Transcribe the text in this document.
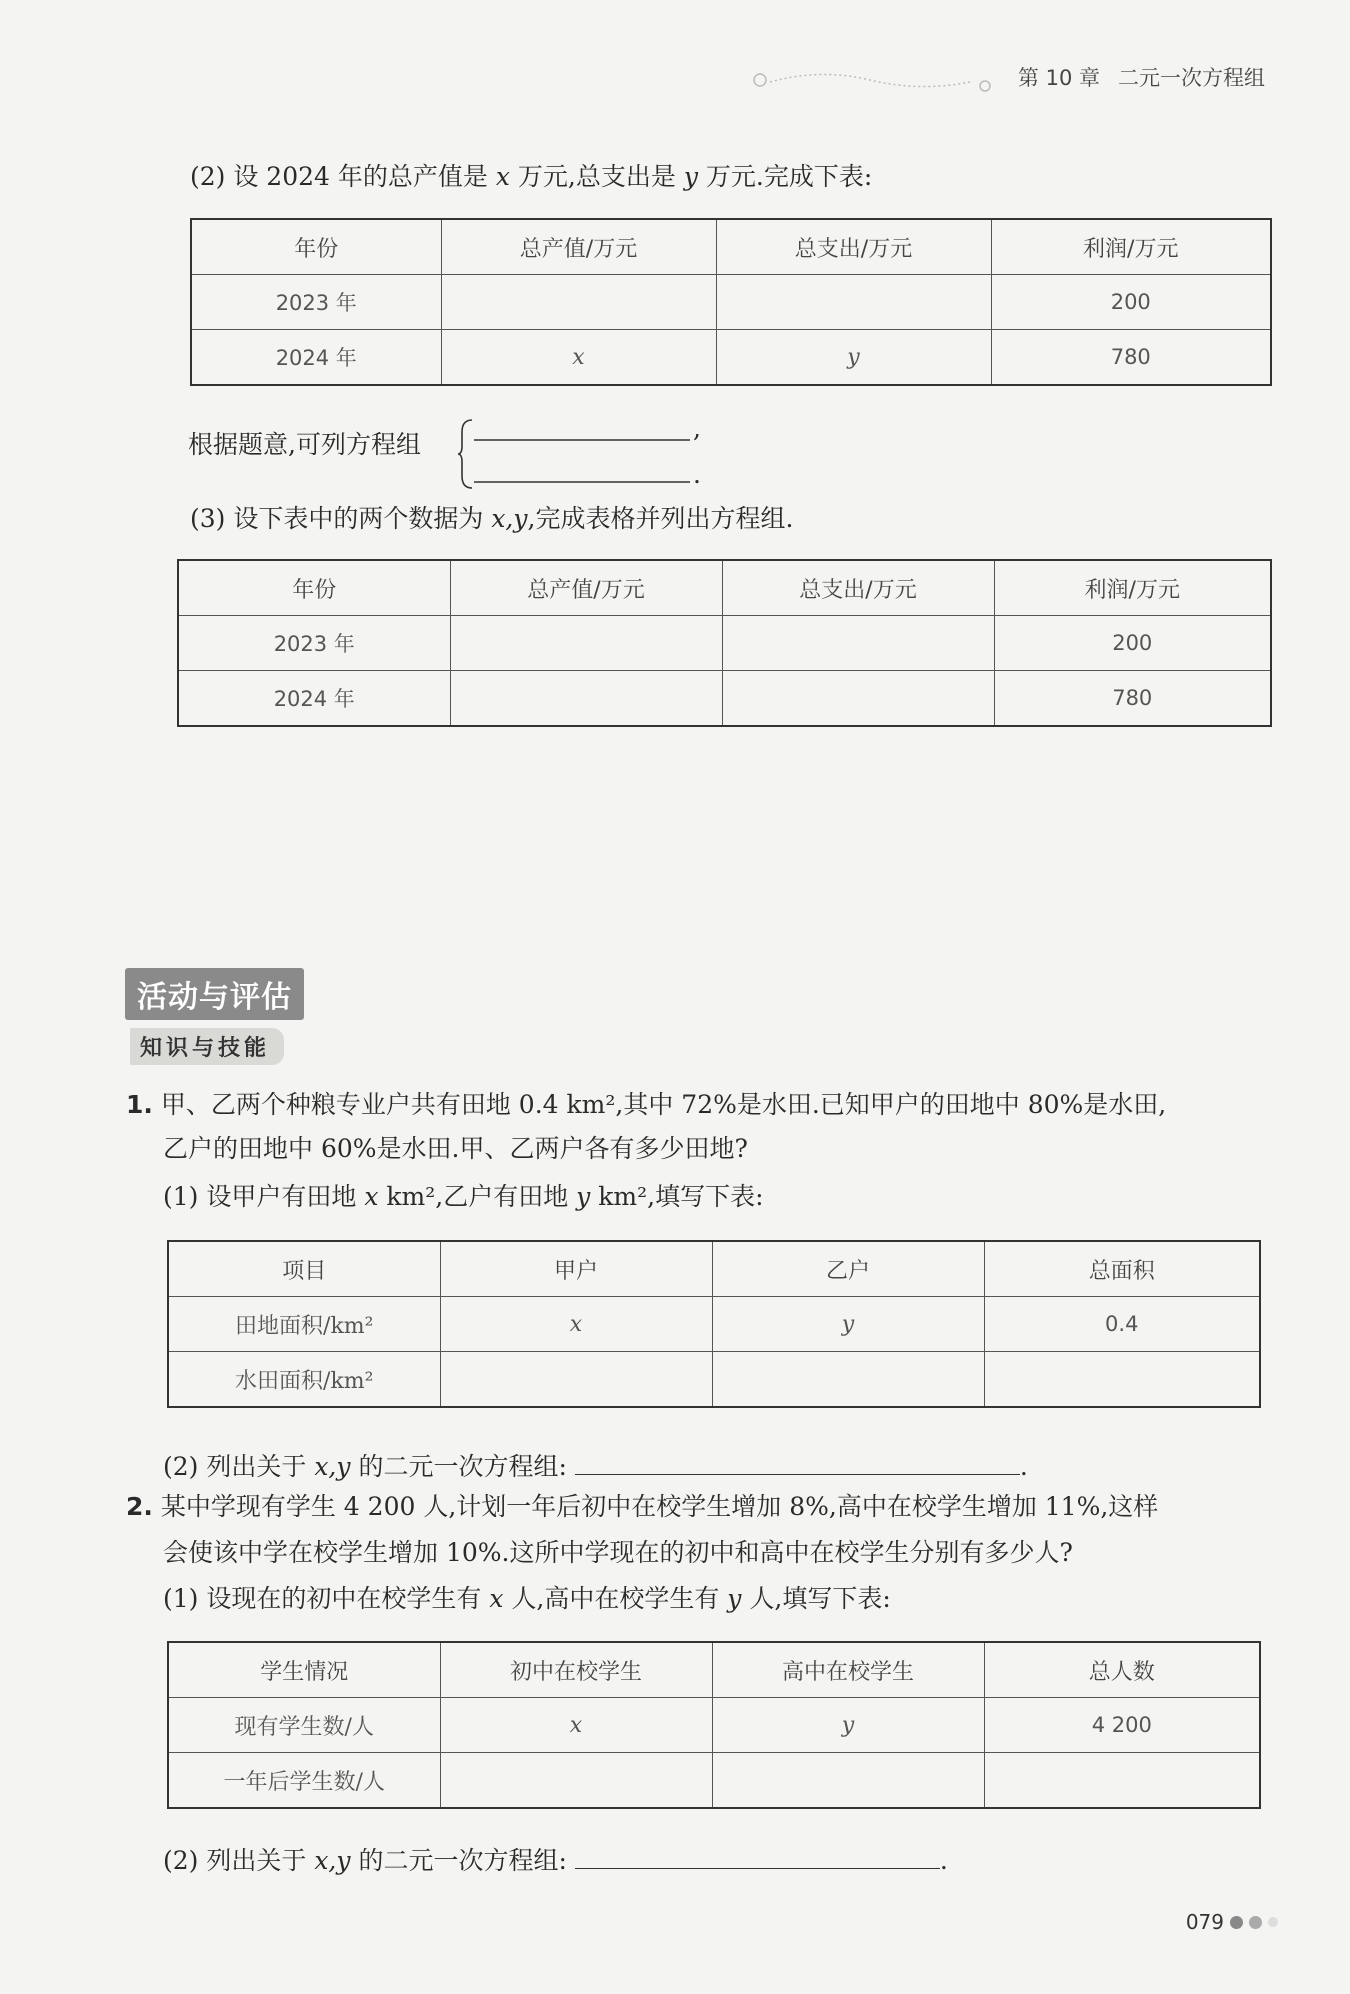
第 10 章 二元一次方程组
(2) 设 2024 年的总产值是 x 万元,总支出是 y 万元.完成下表:
年份	总产值/万元	总支出/万元	利润/万元
2023 年			200
2024 年	x	y	780
根据题意,可列方程组
,
.
(3) 设下表中的两个数据为 x,y,完成表格并列出方程组.
年份	总产值/万元	总支出/万元	利润/万元
2023 年			200
2024 年			780
活动与评估
知识与技能
1. 甲、乙两个种粮专业户共有田地 0.4 km²,其中 72%是水田.已知甲户的田地中 80%是水田,
乙户的田地中 60%是水田.甲、乙两户各有多少田地?
(1) 设甲户有田地 x km²,乙户有田地 y km²,填写下表:
项目	甲户	乙户	总面积
田地面积/km²	x	y	0.4
水田面积/km²			
(2) 列出关于 x,y 的二元一次方程组:	.
2. 某中学现有学生 4 200 人,计划一年后初中在校学生增加 8%,高中在校学生增加 11%,这样
会使该中学在校学生增加 10%.这所中学现在的初中和高中在校学生分别有多少人?
(1) 设现在的初中在校学生有 x 人,高中在校学生有 y 人,填写下表:
学生情况	初中在校学生	高中在校学生	总人数
现有学生数/人	x	y	4 200
一年后学生数/人			
(2) 列出关于 x,y 的二元一次方程组:	.
079
